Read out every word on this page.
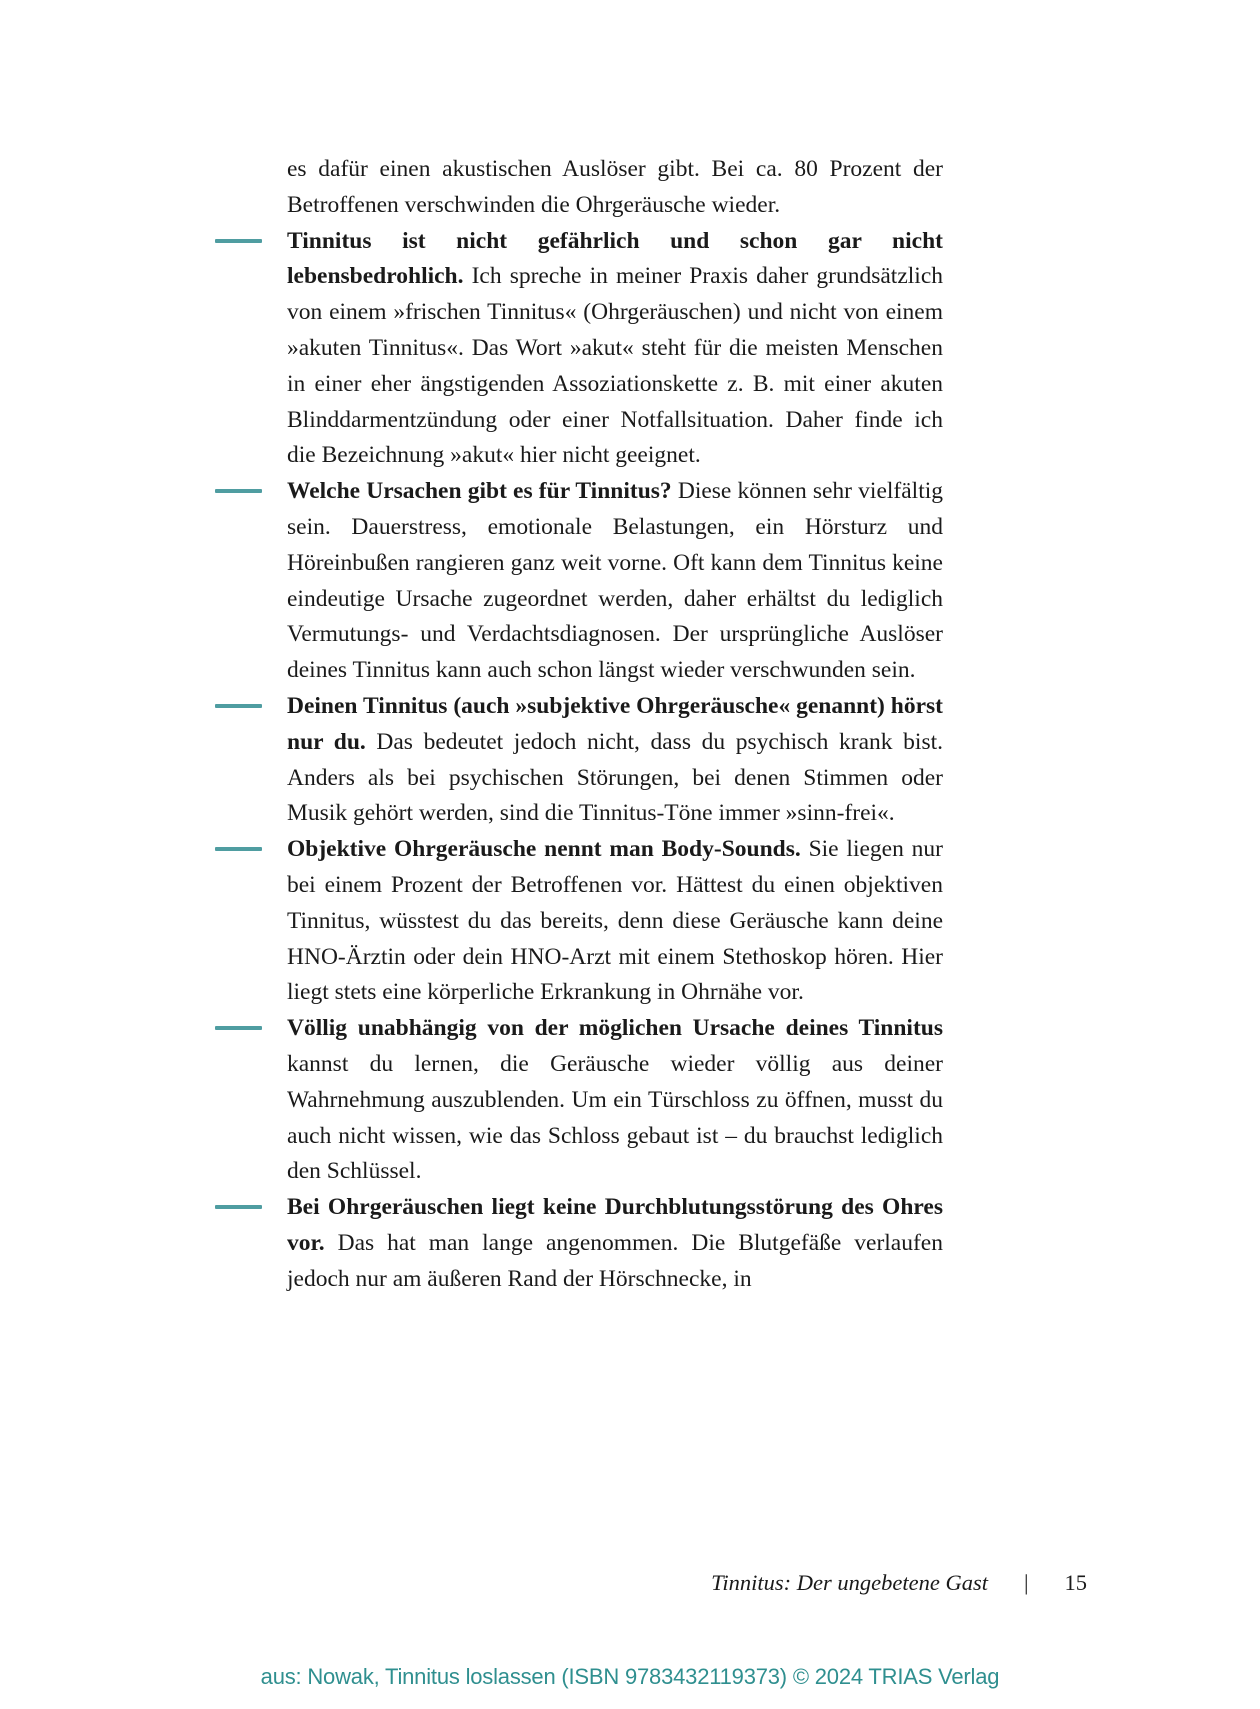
es dafür einen akustischen Auslöser gibt. Bei ca. 80 Prozent der Betroffenen verschwinden die Ohrgeräusche wieder.

Tinnitus ist nicht gefährlich und schon gar nicht lebensbedrohlich. Ich spreche in meiner Praxis daher grundsätzlich von einem »frischen Tinnitus« (Ohrgeräuschen) und nicht von einem »akuten Tinnitus«. Das Wort »akut« steht für die meisten Menschen in einer eher ängstigenden Assoziationskette z. B. mit einer akuten Blinddarmentzündung oder einer Notfallsituation. Daher finde ich die Bezeichnung »akut« hier nicht geeignet.
Welche Ursachen gibt es für Tinnitus? Diese können sehr vielfältig sein. Dauerstress, emotionale Belastungen, ein Hörsturz und Höreinbußen rangieren ganz weit vorne. Oft kann dem Tinnitus keine eindeutige Ursache zugeordnet werden, daher erhältst du lediglich Vermutungs- und Verdachtsdiagnosen. Der ursprüngliche Auslöser deines Tinnitus kann auch schon längst wieder verschwunden sein.
Deinen Tinnitus (auch »subjektive Ohrgeräusche« genannt) hörst nur du. Das bedeutet jedoch nicht, dass du psychisch krank bist. Anders als bei psychischen Störungen, bei denen Stimmen oder Musik gehört werden, sind die Tinnitus-Töne immer »sinn-frei«.
Objektive Ohrgeräusche nennt man Body-Sounds. Sie liegen nur bei einem Prozent der Betroffenen vor. Hättest du einen objektiven Tinnitus, wüsstest du das bereits, denn diese Geräusche kann deine HNO-Ärztin oder dein HNO-Arzt mit einem Stethoskop hören. Hier liegt stets eine körperliche Erkrankung in Ohrnähe vor.
Völlig unabhängig von der möglichen Ursache deines Tinnitus kannst du lernen, die Geräusche wieder völlig aus deiner Wahrnehmung auszublenden. Um ein Türschloss zu öffnen, musst du auch nicht wissen, wie das Schloss gebaut ist – du brauchst lediglich den Schlüssel.
Bei Ohrgeräuschen liegt keine Durchblutungsstörung des Ohres vor. Das hat man lange angenommen. Die Blutgefäße verlaufen jedoch nur am äußeren Rand der Hörschnecke, in
Tinnitus: Der ungebetene Gast	|	15
aus: Nowak, Tinnitus loslassen (ISBN 9783432119373) © 2024 TRIAS Verlag
